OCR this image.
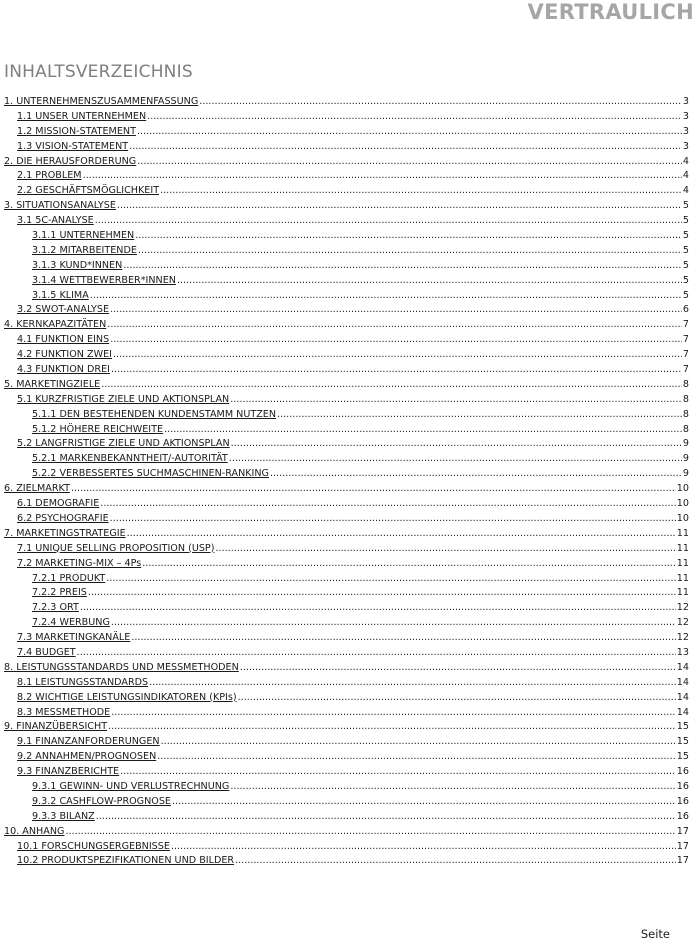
VERTRAULICH
INHALTSVERZEICHNIS
1. UNTERNEHMENSZUSAMMENFASSUNG .....	3
1.1 UNSER UNTERNEHMEN .....	3
1.2 MISSION-STATEMENT .....	3
1.3 VISION-STATEMENT .....	3
2. DIE HERAUSFORDERUNG .....	4
2.1 PROBLEM .....	4
2.2 GESCHÄFTSMÖGLICHKEIT .....	4
3. SITUATIONSANALYSE .....	5
3.1 5C-ANALYSE .....	5
3.1.1 UNTERNEHMEN .....	5
3.1.2 MITARBEITENDE .....	5
3.1.3 KUND*INNEN .....	5
3.1.4 WETTBEWERBER*INNEN .....	5
3.1.5 KLIMA .....	5
3.2 SWOT-ANALYSE .....	6
4. KERNKAPAZITÄTEN .....	7
4.1 FUNKTION EINS .....	7
4.2 FUNKTION ZWEI .....	7
4.3 FUNKTION DREI .....	7
5. MARKETINGZIELE .....	8
5.1 KURZFRISTIGE ZIELE UND AKTIONSPLAN .....	8
5.1.1 DEN BESTEHENDEN KUNDENSTAMM NUTZEN .....	8
5.1.2 HÖHERE REICHWEITE .....	8
5.2 LANGFRISTIGE ZIELE UND AKTIONSPLAN .....	9
5.2.1 MARKENBEKANNTHEIT/-AUTORITÄT .....	9
5.2.2 VERBESSERTES SUCHMASCHINEN-RANKING .....	9
6. ZIELMARKT .....	10
6.1 DEMOGRAFIE .....	10
6.2 PSYCHOGRAFIE .....	10
7. MARKETINGSTRATEGIE .....	11
7.1 UNIQUE SELLING PROPOSITION (USP) .....	11
7.2 MARKETING-MIX – 4Ps .....	11
7.2.1 PRODUKT .....	11
7.2.2 PREIS .....	11
7.2.3 ORT .....	12
7.2.4 WERBUNG .....	12
7.3 MARKETINGKANÄLE .....	12
7.4 BUDGET .....	13
8. LEISTUNGSSTANDARDS UND MESSMETHODEN .....	14
8.1 LEISTUNGSSTANDARDS .....	14
8.2 WICHTIGE LEISTUNGSINDIKATOREN (KPIs) .....	14
8.3 MESSMETHODE .....	14
9. FINANZÜBERSICHT .....	15
9.1 FINANZANFORDERUNGEN .....	15
9.2 ANNAHMEN/PROGNOSEN .....	15
9.3 FINANZBERICHTE .....	16
9.3.1 GEWINN- UND VERLUSTRECHNUNG .....	16
9.3.2 CASHFLOW-PROGNOSE .....	16
9.3.3 BILANZ .....	16
10. ANHANG .....	17
10.1 FORSCHUNGSERGEBNISSE .....	17
10.2 PRODUKTSPEZIFIKATIONEN UND BILDER .....	17
Seite
